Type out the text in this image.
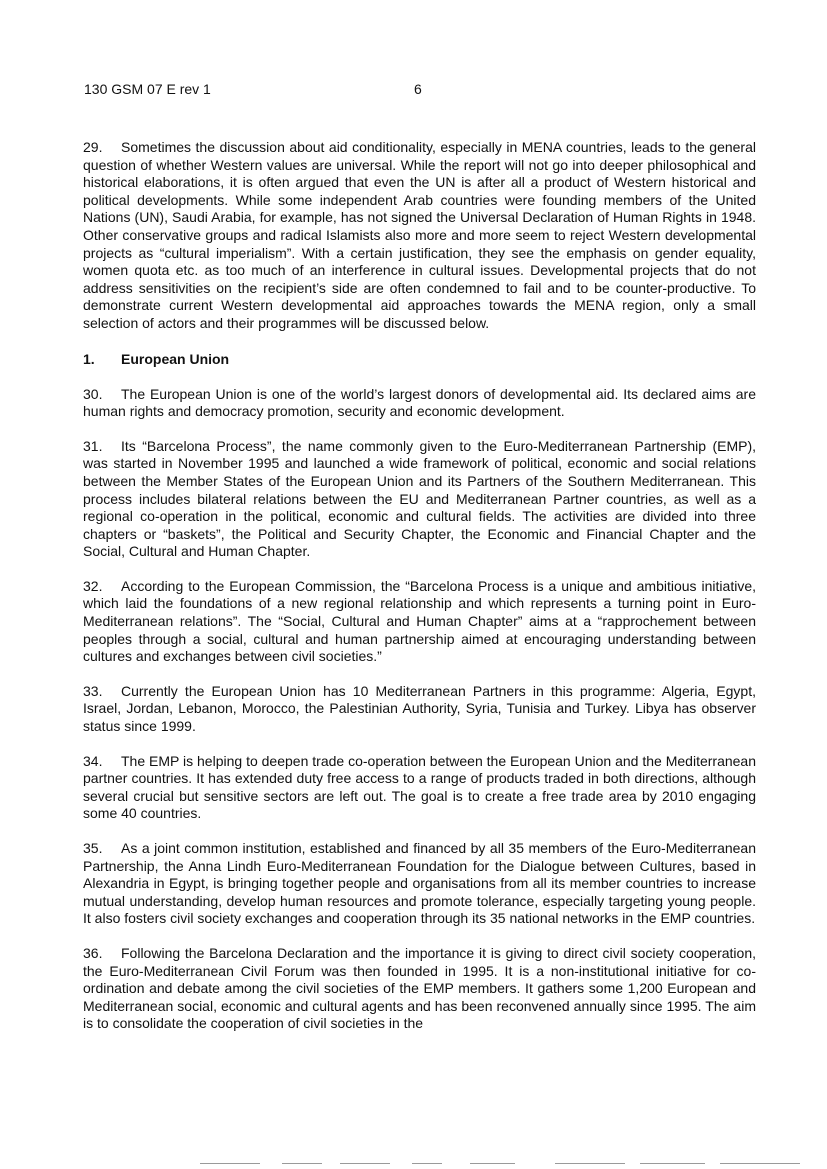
130 GSM 07 E rev 1	6

29. Sometimes the discussion about aid conditionality, especially in MENA countries, leads to the general question of whether Western values are universal. While the report will not go into deeper philosophical and historical elaborations, it is often argued that even the UN is after all a product of Western historical and political developments. While some independent Arab countries were founding members of the United Nations (UN), Saudi Arabia, for example, has not signed the Universal Declaration of Human Rights in 1948. Other conservative groups and radical Islamists also more and more seem to reject Western developmental projects as “cultural imperialism”. With a certain justification, they see the emphasis on gender equality, women quota etc. as too much of an interference in cultural issues. Developmental projects that do not address sensitivities on the recipient’s side are often condemned to fail and to be counter-productive. To demonstrate current Western developmental aid approaches towards the MENA region, only a small selection of actors and their programmes will be discussed below.

1. European Union

30. The European Union is one of the world’s largest donors of developmental aid. Its declared aims are human rights and democracy promotion, security and economic development.

31. Its “Barcelona Process”, the name commonly given to the Euro-Mediterranean Partnership (EMP), was started in November 1995 and launched a wide framework of political, economic and social relations between the Member States of the European Union and its Partners of the Southern Mediterranean. This process includes bilateral relations between the EU and Mediterranean Partner countries, as well as a regional co-operation in the political, economic and cultural fields. The activities are divided into three chapters or “baskets”, the Political and Security Chapter, the Economic and Financial Chapter and the Social, Cultural and Human Chapter.

32. According to the European Commission, the “Barcelona Process is a unique and ambitious initiative, which laid the foundations of a new regional relationship and which represents a turning point in Euro-Mediterranean relations”. The “Social, Cultural and Human Chapter” aims at a “rapprochement between peoples through a social, cultural and human partnership aimed at encouraging understanding between cultures and exchanges between civil societies.”

33. Currently the European Union has 10 Mediterranean Partners in this programme: Algeria, Egypt, Israel, Jordan, Lebanon, Morocco, the Palestinian Authority, Syria, Tunisia and Turkey. Libya has observer status since 1999.

34. The EMP is helping to deepen trade co-operation between the European Union and the Mediterranean partner countries. It has extended duty free access to a range of products traded in both directions, although several crucial but sensitive sectors are left out. The goal is to create a free trade area by 2010 engaging some 40 countries.

35. As a joint common institution, established and financed by all 35 members of the Euro-Mediterranean Partnership, the Anna Lindh Euro-Mediterranean Foundation for the Dialogue between Cultures, based in Alexandria in Egypt, is bringing together people and organisations from all its member countries to increase mutual understanding, develop human resources and promote tolerance, especially targeting young people. It also fosters civil society exchanges and cooperation through its 35 national networks in the EMP countries.

36. Following the Barcelona Declaration and the importance it is giving to direct civil society cooperation, the Euro-Mediterranean Civil Forum was then founded in 1995. It is a non-institutional initiative for co-ordination and debate among the civil societies of the EMP members. It gathers some 1,200 European and Mediterranean social, economic and cultural agents and has been reconvened annually since 1995. The aim is to consolidate the cooperation of civil societies in the
